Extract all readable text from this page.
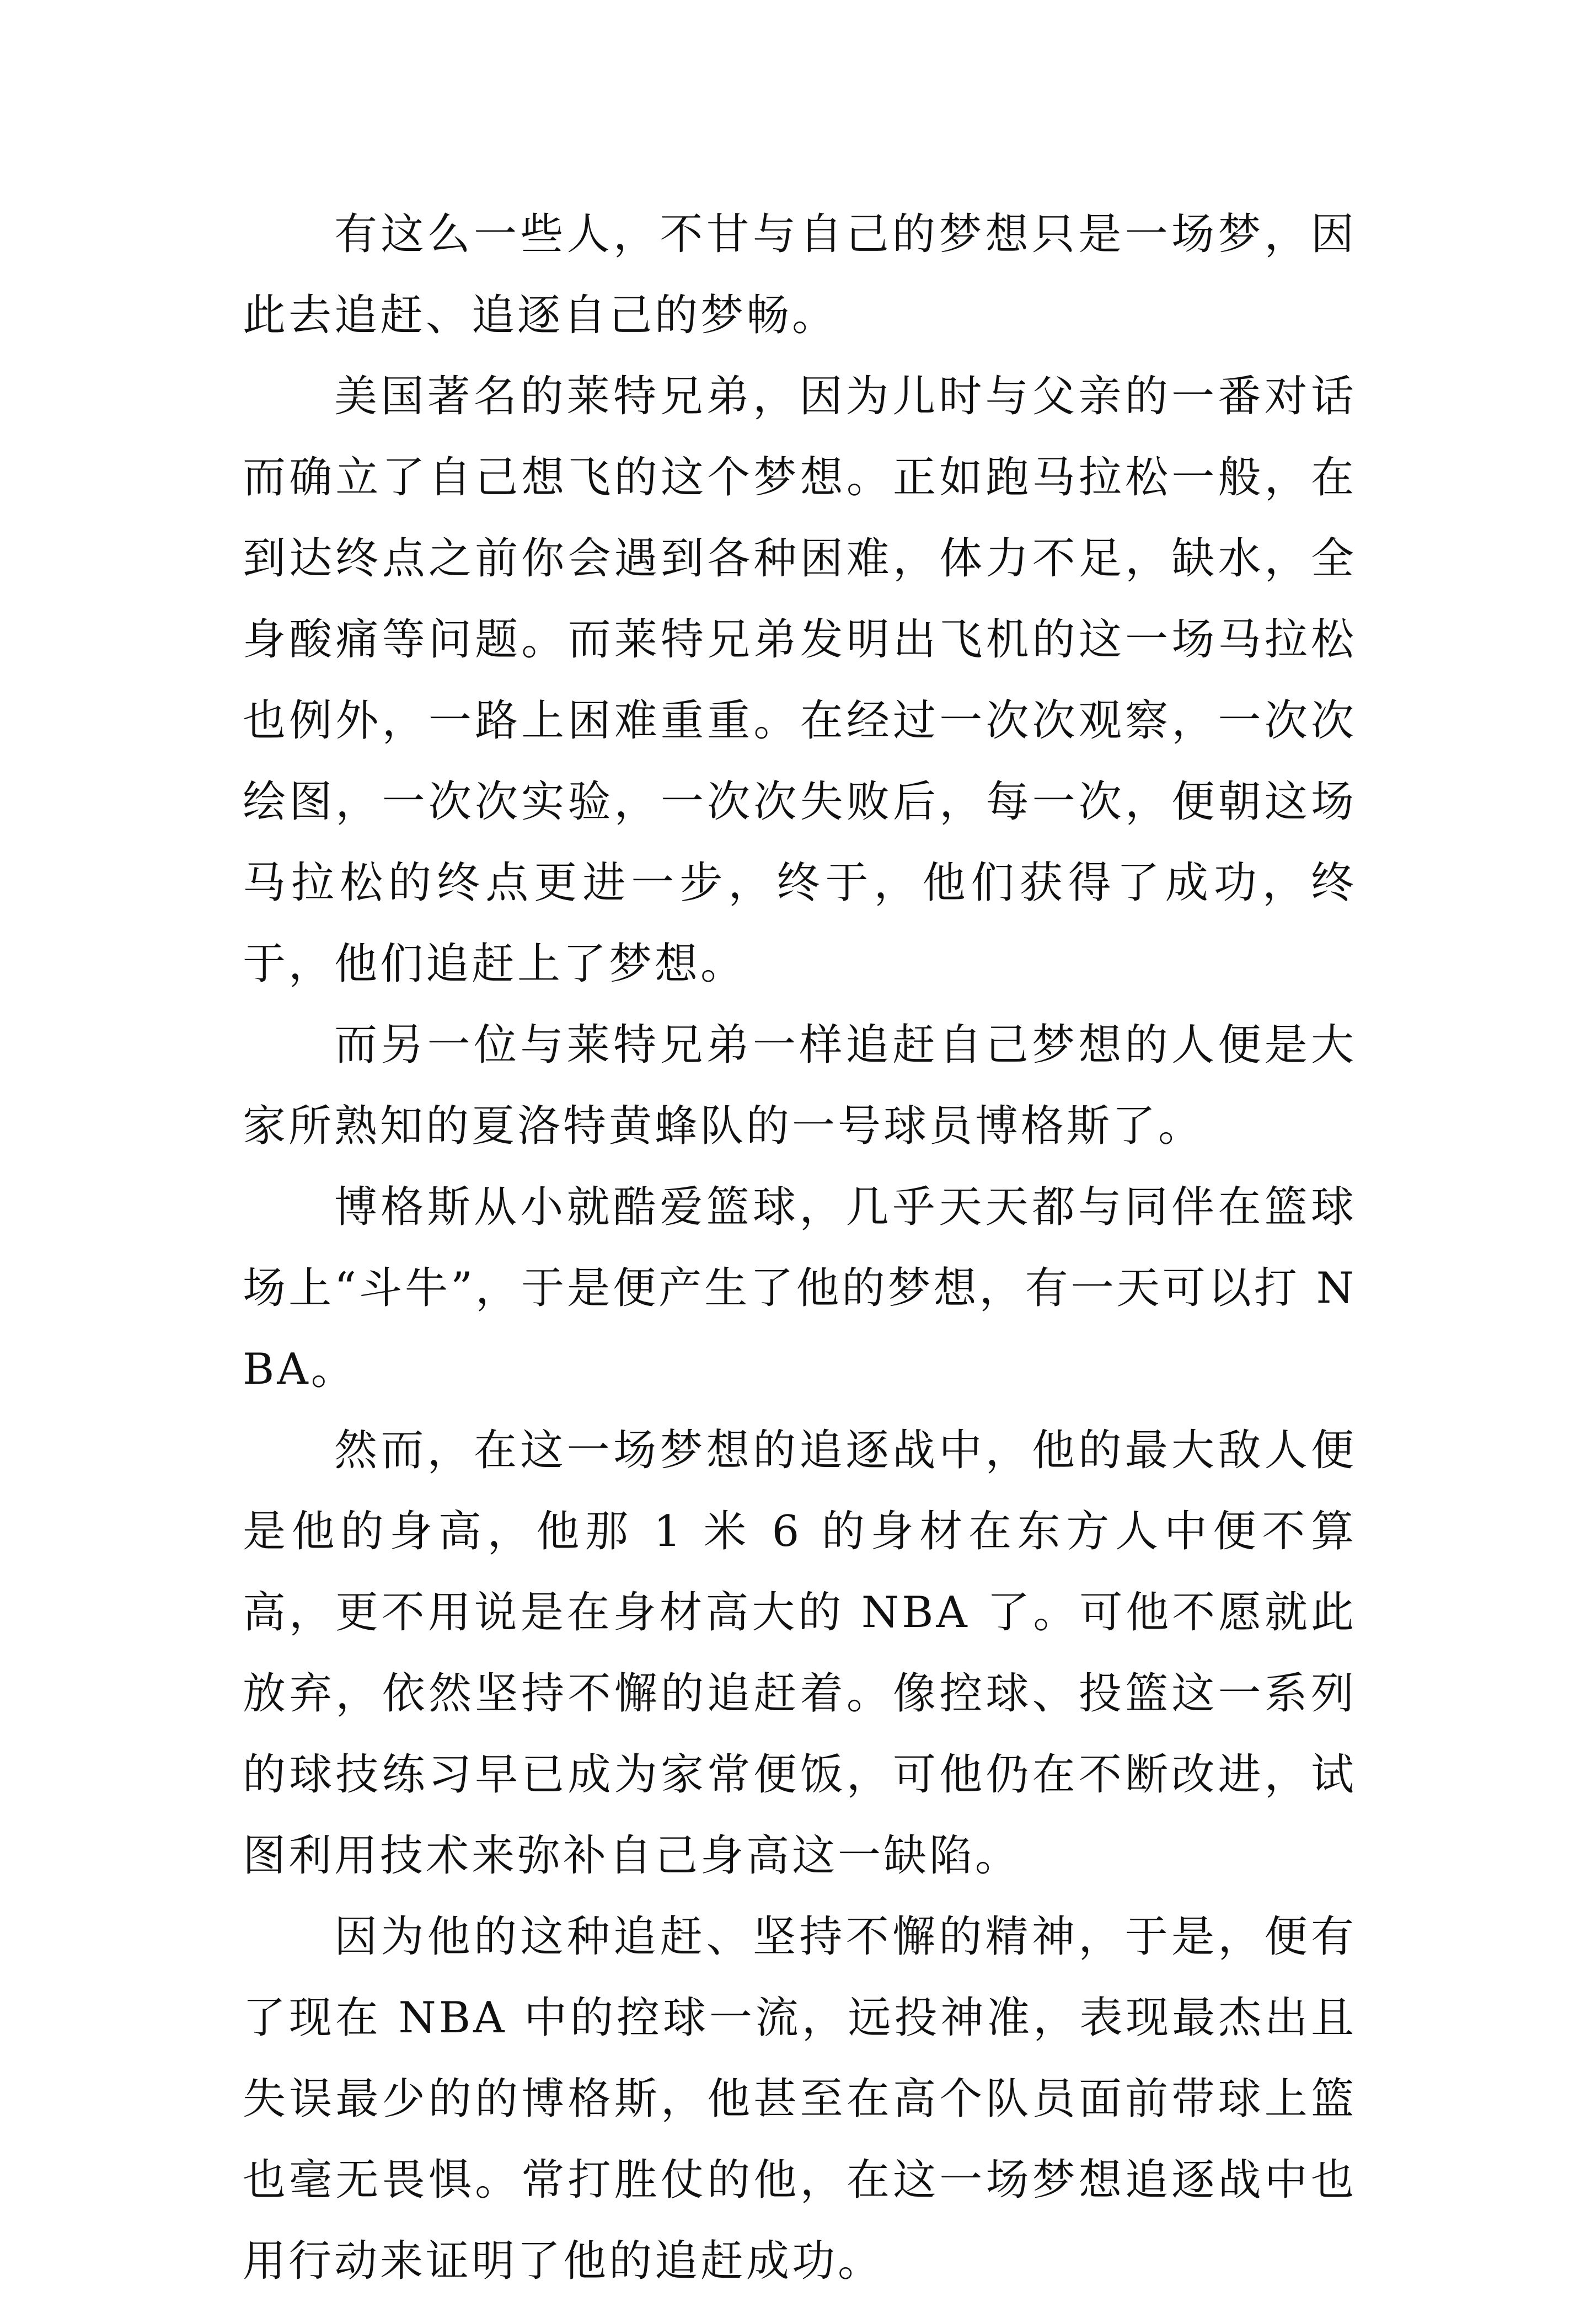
有这么一些人，不甘与自己的梦想只是一场梦，因此去追赶、追逐自己的梦畅。

美国著名的莱特兄弟，因为儿时与父亲的一番对话而确立了自己想飞的这个梦想。正如跑马拉松一般，在到达终点之前你会遇到各种困难，体力不足，缺水，全身酸痛等问题。而莱特兄弟发明出飞机的这一场马拉松也例外，一路上困难重重。在经过一次次观察，一次次绘图，一次次实验，一次次失败后，每一次，便朝这场马拉松的终点更进一步，终于，他们获得了成功，终于，他们追赶上了梦想。

而另一位与莱特兄弟一样追赶自己梦想的人便是大家所熟知的夏洛特黄蜂队的一号球员博格斯了。

博格斯从小就酷爱篮球，几乎天天都与同伴在篮球场上“斗牛”，于是便产生了他的梦想，有一天可以打 NBA。

然而，在这一场梦想的追逐战中，他的最大敌人便是他的身高，他那 1 米 6 的身材在东方人中便不算高，更不用说是在身材高大的 NBA 了。可他不愿就此放弃，依然坚持不懈的追赶着。像控球、投篮这一系列的球技练习早已成为家常便饭，可他仍在不断改进，试图利用技术来弥补自己身高这一缺陷。

因为他的这种追赶、坚持不懈的精神，于是，便有了现在 NBA 中的控球一流，远投神准，表现最杰出且失误最少的的博格斯，他甚至在高个队员面前带球上篮也毫无畏惧。常打胜仗的他，在这一场梦想追逐战中也用行动来证明了他的追赶成功。
